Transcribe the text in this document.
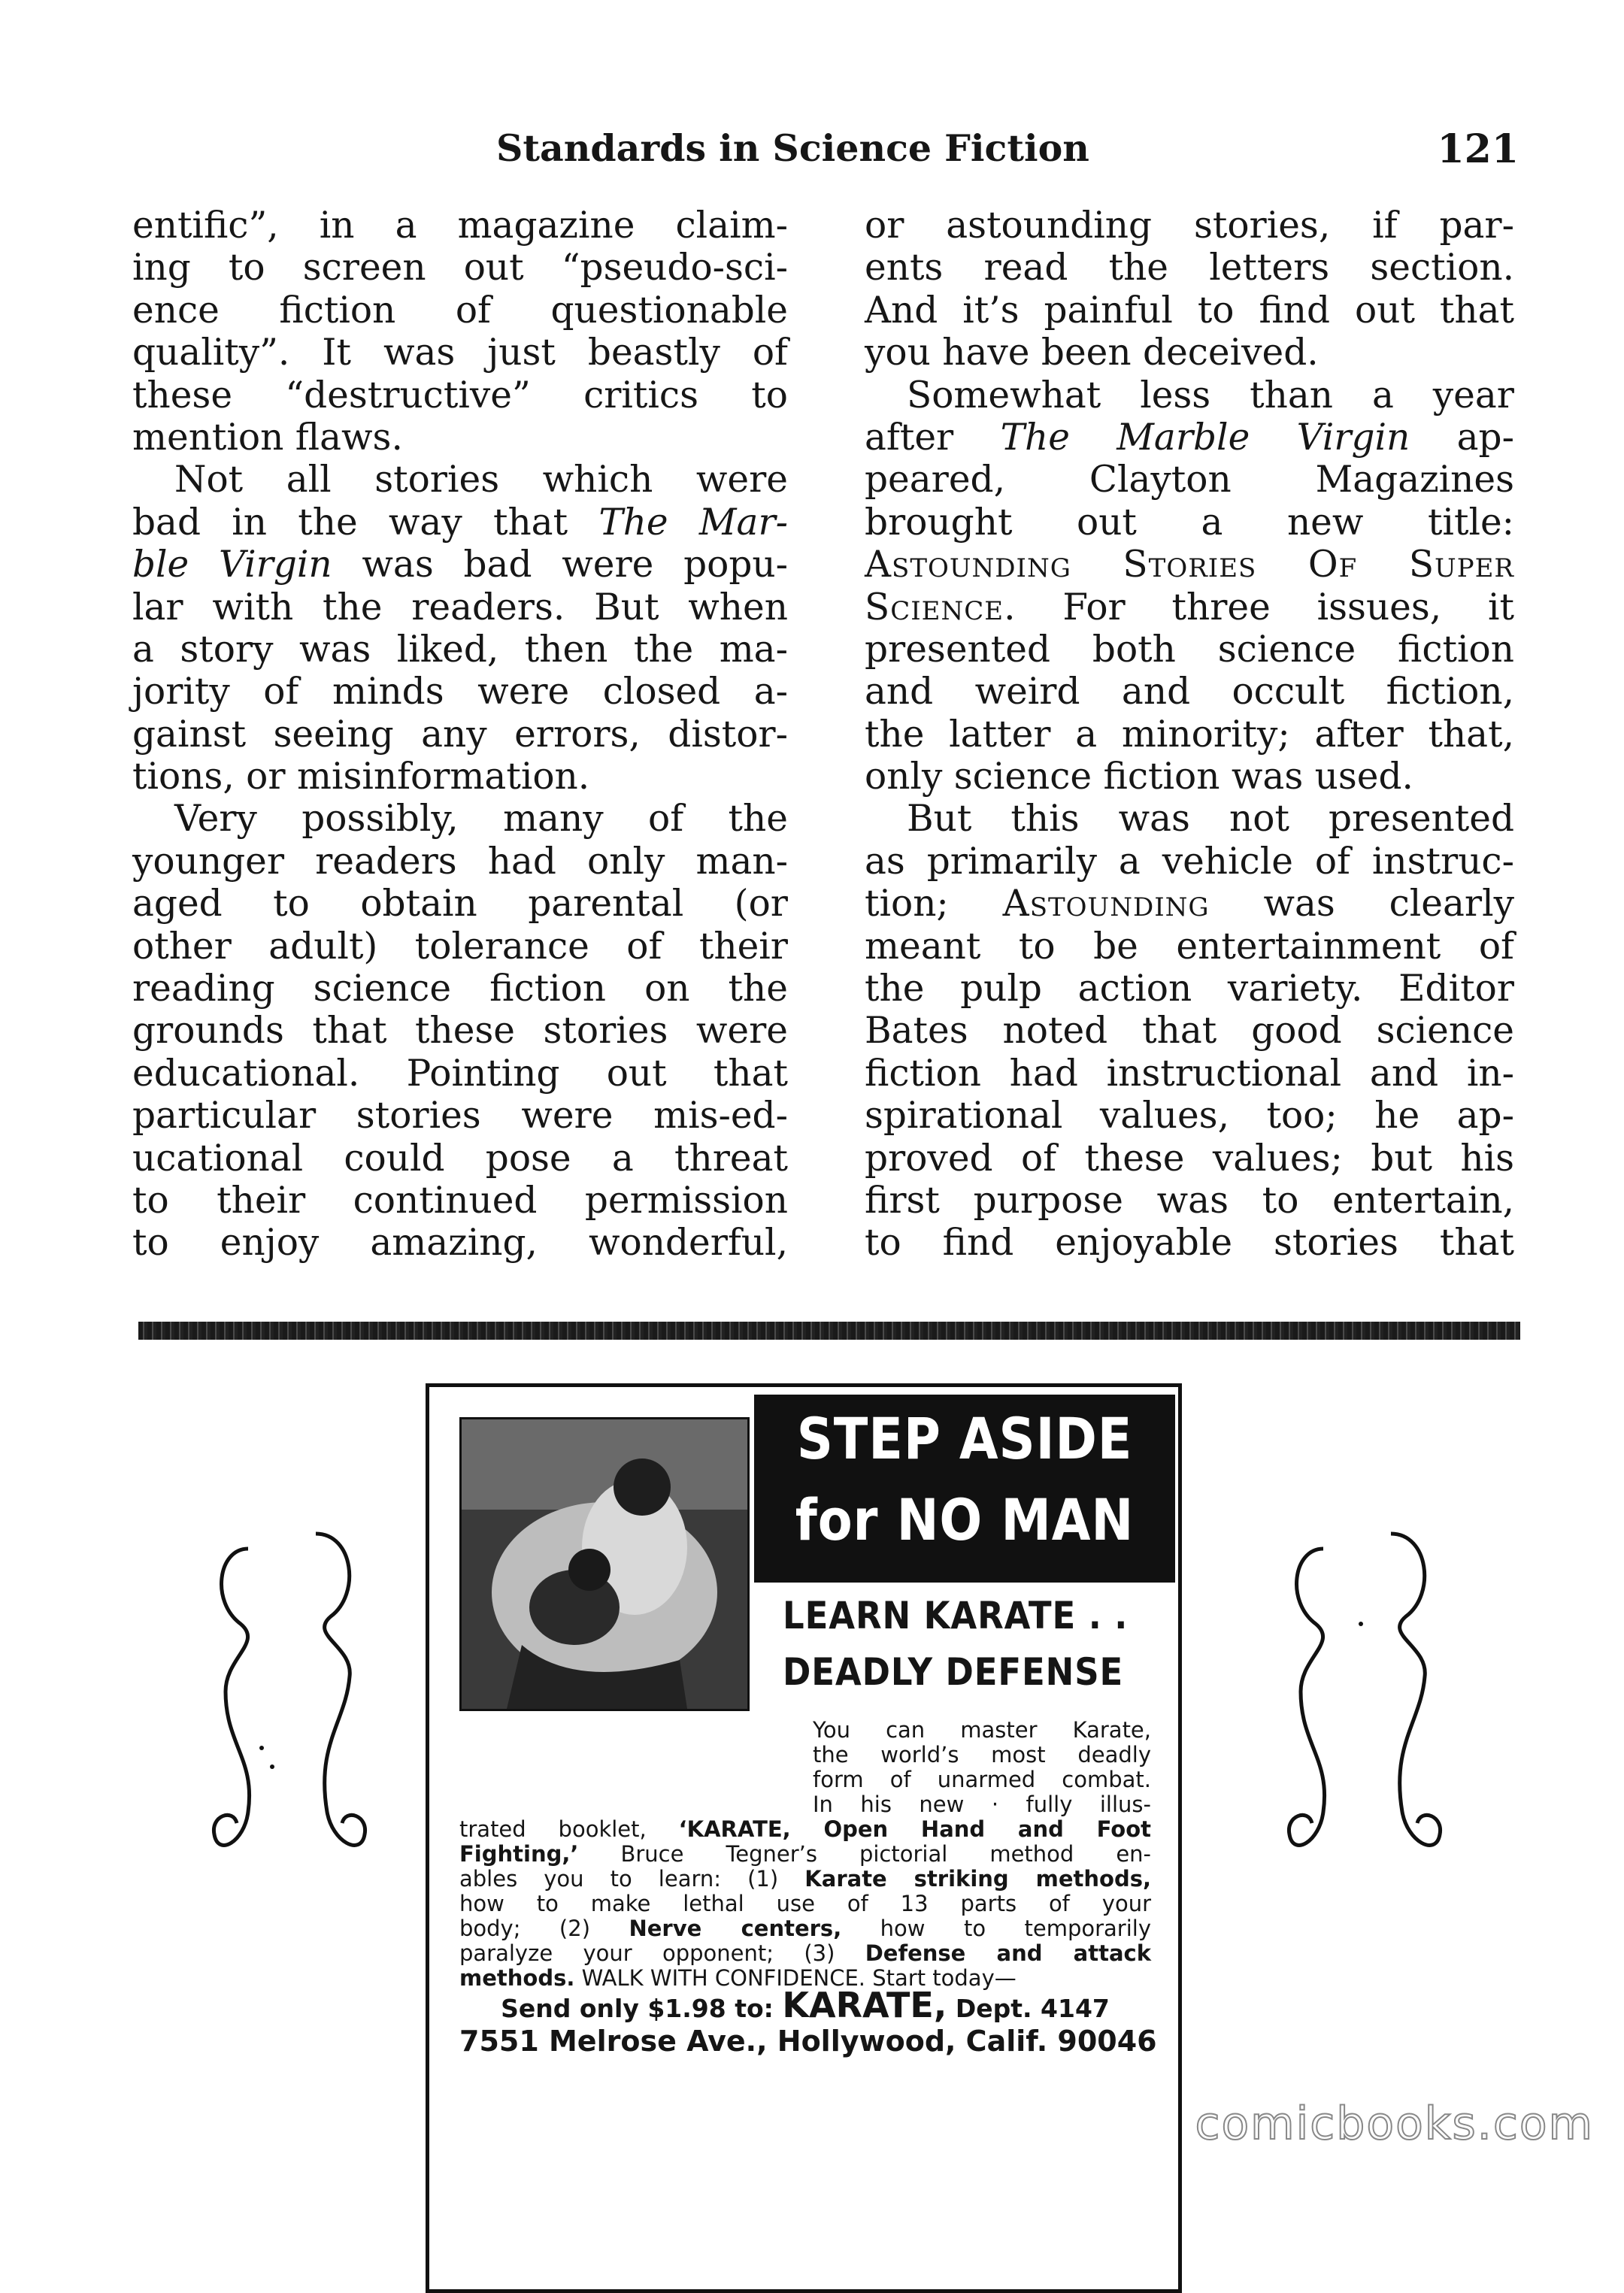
Standards in Science Fiction	121
entific”, in a magazine claim-
ing to screen out “pseudo-sci-
ence fiction of questionable
quality”. It was just beastly of
these “destructive” critics to
mention flaws.
Not all stories which were
bad in the way that The Mar-
ble Virgin was bad were popu-
lar with the readers. But when
a story was liked, then the ma-
jority of minds were closed a-
gainst seeing any errors, distor-
tions, or misinformation.
Very possibly, many of the
younger readers had only man-
aged to obtain parental (or
other adult) tolerance of their
reading science fiction on the
grounds that these stories were
educational. Pointing out that
particular stories were mis-ed-
ucational could pose a threat
to their continued permission
to enjoy amazing, wonderful,
or astounding stories, if par-
ents read the letters section.
And it’s painful to find out that
you have been deceived.
Somewhat less than a year
after The Marble Virgin ap-
peared, Clayton Magazines
brought out a new title:
Astounding Stories Of Super
Science. For three issues, it
presented both science fiction
and weird and occult fiction,
the latter a minority; after that,
only science fiction was used.
But this was not presented
as primarily a vehicle of instruc-
tion; Astounding was clearly
meant to be entertainment of
the pulp action variety. Editor
Bates noted that good science
fiction had instructional and in-
spirational values, too; he ap-
proved of these values; but his
first purpose was to entertain,
to find enjoyable stories that
STEP ASIDE
for NO MAN
LEARN KARATE . .
DEADLY DEFENSE
You can master Karate,
the world’s most deadly
form of unarmed combat.
In his new · fully illus-
trated booklet, ‘KARATE, Open Hand and Foot
Fighting,’ Bruce Tegner’s pictorial method en-
ables you to learn: (1) Karate striking methods,
how to make lethal use of 13 parts of your
body; (2) Nerve centers, how to temporarily
paralyze your opponent; (3) Defense and attack
methods. WALK WITH CONFIDENCE. Start today—
Send only $1.98 to: KARATE, Dept. 4147
7551 Melrose Ave., Hollywood, Calif. 90046
comicbooks.com
